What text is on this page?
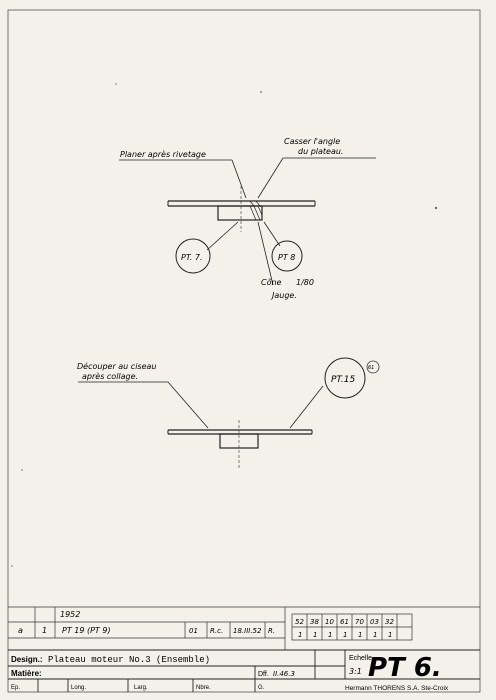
Planer après rivetage
Casser l'angle
du plateau.
PT. 7.	PT 8
Cône 1/80
Jauge.
Découper au ciseau
après collage.	PT.15
61
1952
a 1 PT 19 (PT 9)	01 R.c. 18.III.52 R.
52 38 10 61 70 03 32
1 1 1 1 1 1 1
Design.: Plateau moteur No.3 (Ensemble)
Matière:	Dff. II.46.3
Echelle
3:1 PT 6.
Ep.	Long.	Larg.	Nbre.	G.	Hermann THORENS S.A. Ste-Croix
